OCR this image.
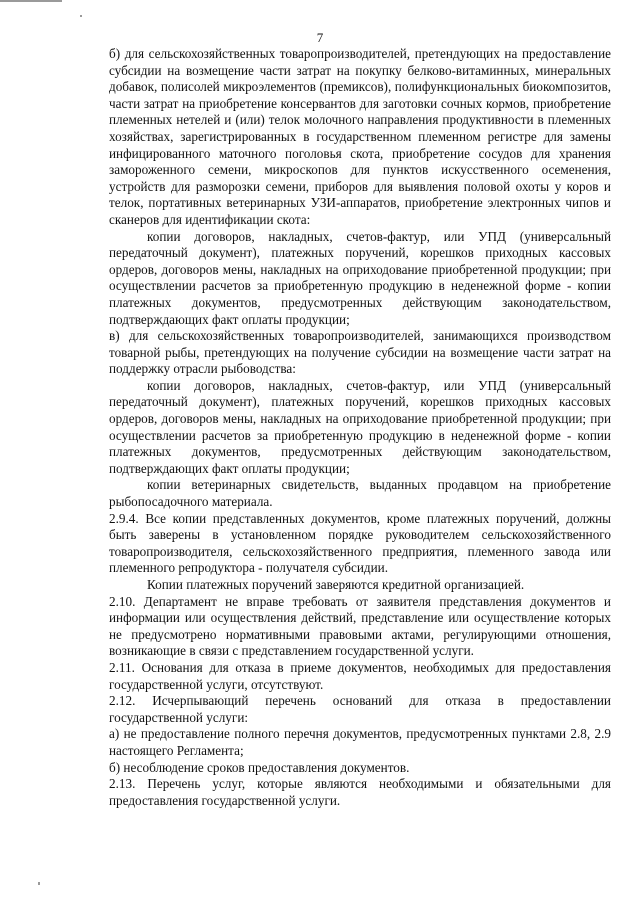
7

б) для сельскохозяйственных товаропроизводителей, претендующих на предоставление субсидии на возмещение части затрат на покупку белково-витаминных, минеральных добавок, полисолей микроэлементов (премиксов), полифункциональных биокомпозитов, части затрат на приобретение консервантов для заготовки сочных кормов, приобретение племенных нетелей и (или) телок молочного направления продуктивности в племенных хозяйствах, зарегистрированных в государственном племенном регистре для замены инфицированного маточного поголовья скота, приобретение сосудов для хранения замороженного семени, микроскопов для пунктов искусственного осеменения, устройств для разморозки семени, приборов для выявления половой охоты у коров и телок, портативных ветеринарных УЗИ-аппаратов, приобретение электронных чипов и сканеров для идентификации скота:

копии договоров, накладных, счетов-фактур, или УПД (универсальный передаточный документ), платежных поручений, корешков приходных кассовых ордеров, договоров мены, накладных на оприходование приобретенной продукции; при осуществлении расчетов за приобретенную продукцию в неденежной форме - копии платежных документов, предусмотренных действующим законодательством, подтверждающих факт оплаты продукции;

в) для сельскохозяйственных товаропроизводителей, занимающихся производством товарной рыбы, претендующих на получение субсидии на возмещение части затрат на поддержку отрасли рыбоводства:

копии договоров, накладных, счетов-фактур, или УПД (универсальный передаточный документ), платежных поручений, корешков приходных кассовых ордеров, договоров мены, накладных на оприходование приобретенной продукции; при осуществлении расчетов за приобретенную продукцию в неденежной форме - копии платежных документов, предусмотренных действующим законодательством, подтверждающих факт оплаты продукции;

копии ветеринарных свидетельств, выданных продавцом на приобретение рыбопосадочного материала.

2.9.4. Все копии представленных документов, кроме платежных поручений, должны быть заверены в установленном порядке руководителем сельскохозяйственного товаропроизводителя, сельскохозяйственного предприятия, племенного завода или племенного репродуктора - получателя субсидии.

Копии платежных поручений заверяются кредитной организацией.

2.10. Департамент не вправе требовать от заявителя представления документов и информации или осуществления действий, представление или осуществление которых не предусмотрено нормативными правовыми актами, регулирующими отношения, возникающие в связи с представлением государственной услуги.

2.11. Основания для отказа в приеме документов, необходимых для предоставления государственной услуги, отсутствуют.

2.12. Исчерпывающий перечень оснований для отказа в предоставлении государственной услуги:

а) не предоставление полного перечня документов, предусмотренных пунктами 2.8, 2.9 настоящего Регламента;

б) несоблюдение сроков предоставления документов.

2.13. Перечень услуг, которые являются необходимыми и обязательными для предоставления государственной услуги.
